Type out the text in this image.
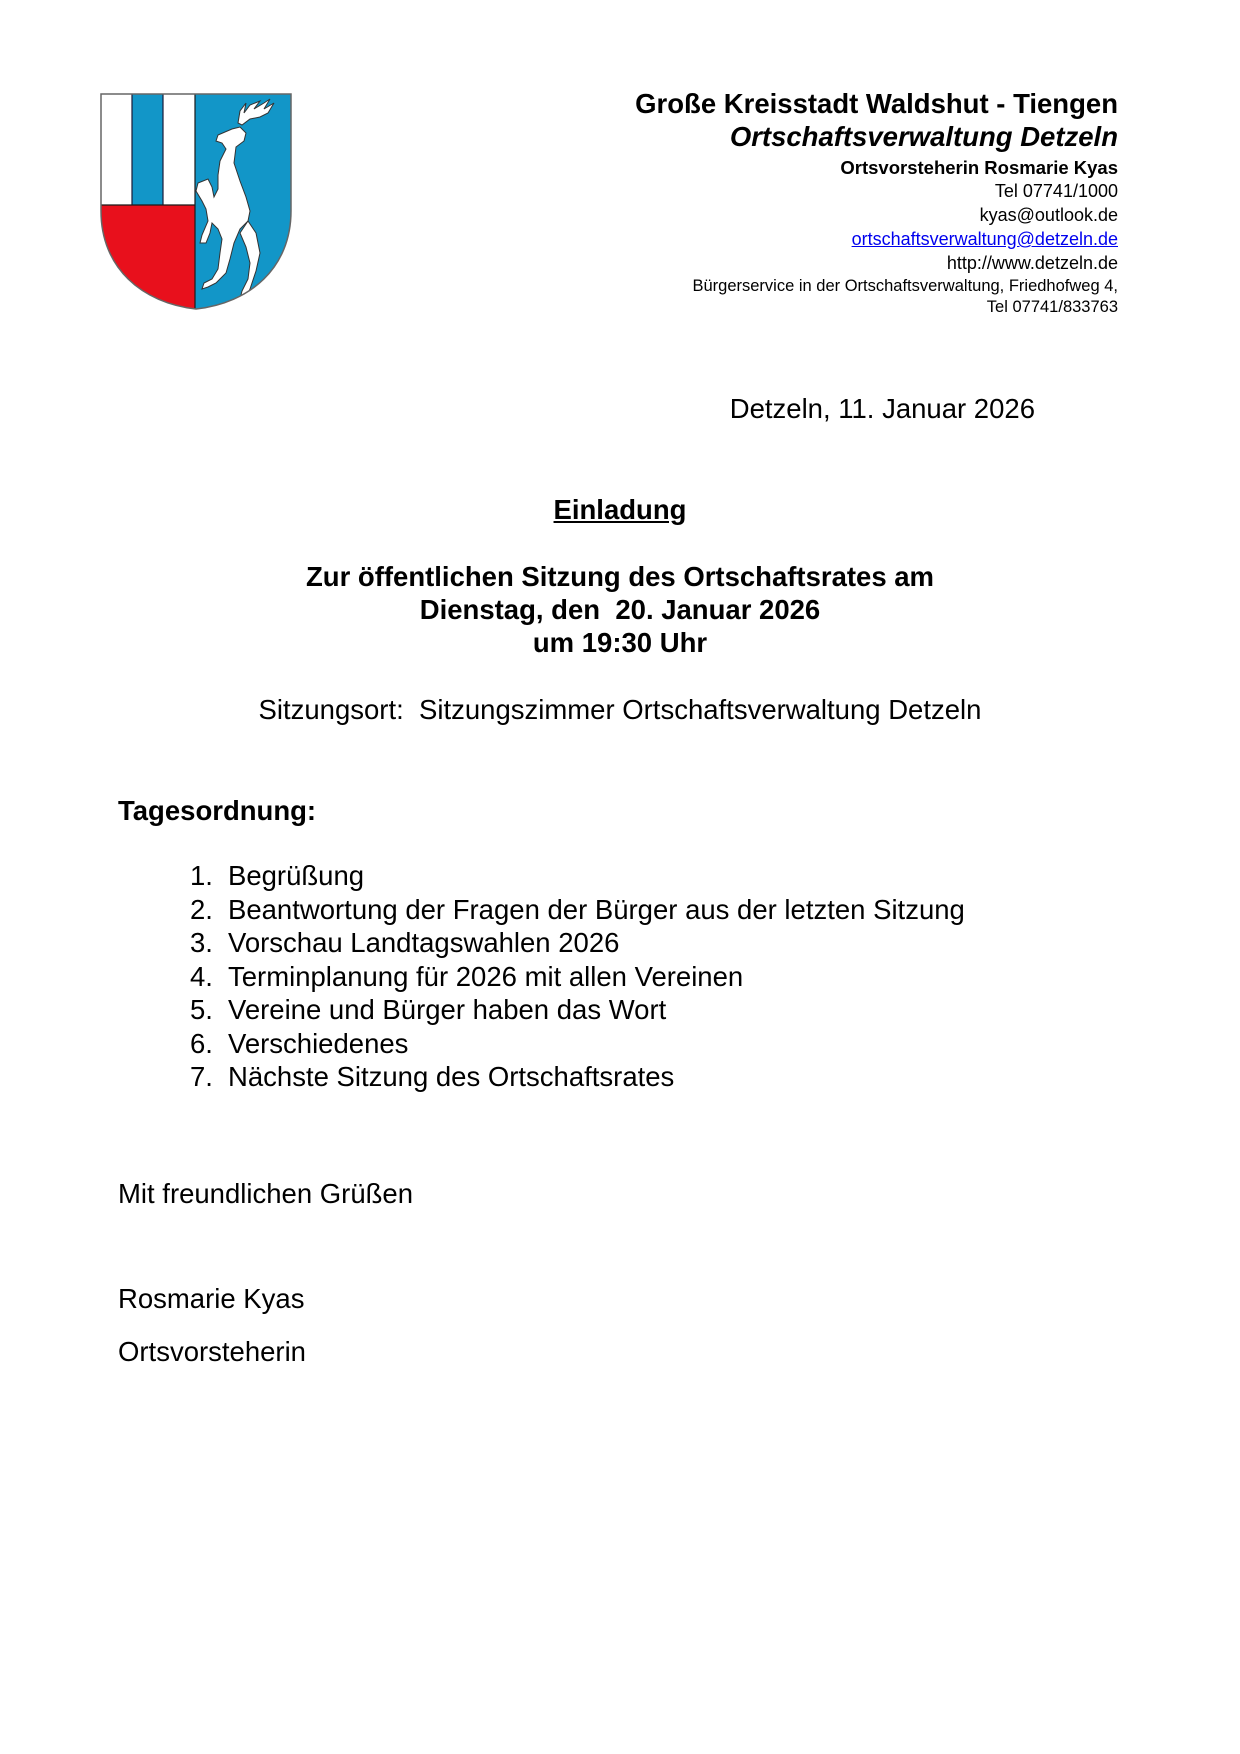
Große Kreisstadt Waldshut - Tiengen
Ortschaftsverwaltung Detzeln
Ortsvorsteherin Rosmarie Kyas
Tel 07741/1000
kyas@outlook.de
ortschaftsverwaltung@detzeln.de
http://www.detzeln.de
Bürgerservice in der Ortschaftsverwaltung, Friedhofweg 4,
Tel 07741/833763
Detzeln, 11. Januar 2026
Einladung
Zur öffentlichen Sitzung des Ortschaftsrates am
Dienstag, den  20. Januar 2026
um 19:30 Uhr
Sitzungsort:  Sitzungszimmer Ortschaftsverwaltung Detzeln
Tagesordnung:
1. Begrüßung
2. Beantwortung der Fragen der Bürger aus der letzten Sitzung
3. Vorschau Landtagswahlen 2026
4. Terminplanung für 2026 mit allen Vereinen
5. Vereine und Bürger haben das Wort
6. Verschiedenes
7. Nächste Sitzung des Ortschaftsrates
Mit freundlichen Grüßen
Rosmarie Kyas
Ortsvorsteherin
